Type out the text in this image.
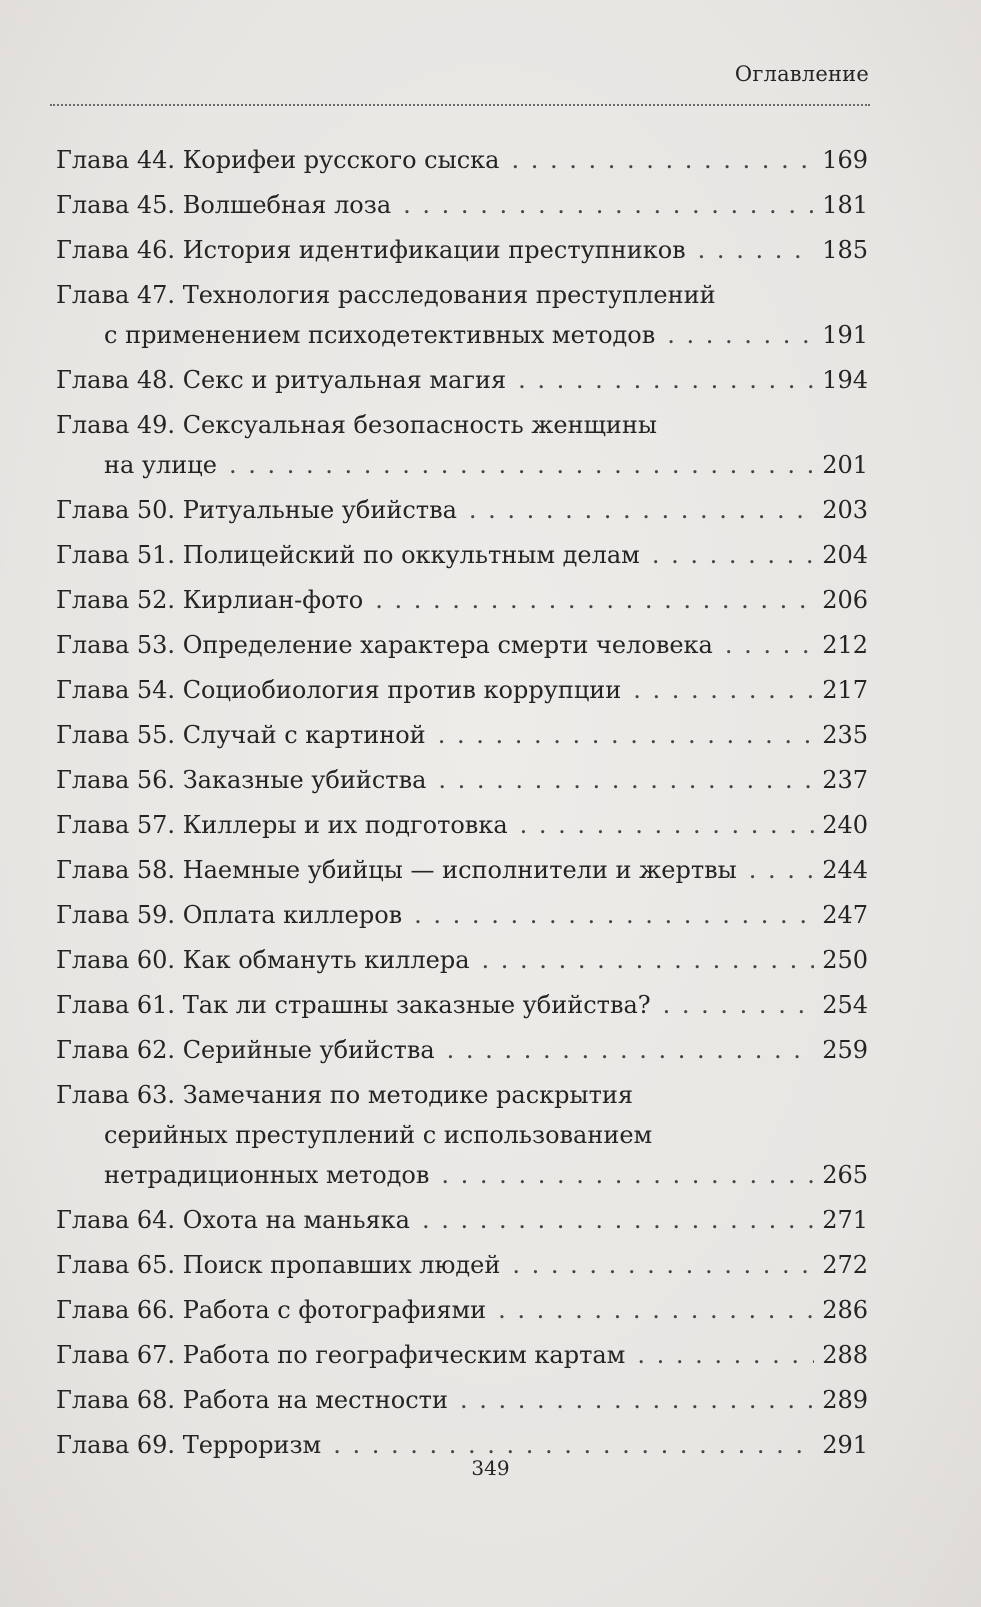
Оглавление
Глава 44. Корифеи русского сыска . . .	169
Глава 45. Волшебная лоза . . .	181
Глава 46. История идентификации преступников . . .	185
Глава 47. Технология расследования преступлений
с применением психодетективных методов . . .	191
Глава 48. Секс и ритуальная магия . . .	194
Глава 49. Сексуальная безопасность женщины
на улице . . .	201
Глава 50. Ритуальные убийства . . .	203
Глава 51. Полицейский по оккультным делам . . .	204
Глава 52. Кирлиан-фото . . .	206
Глава 53. Определение характера смерти человека . . .	212
Глава 54. Социобиология против коррупции . . .	217
Глава 55. Случай с картиной . . .	235
Глава 56. Заказные убийства . . .	237
Глава 57. Киллеры и их подготовка . . .	240
Глава 58. Наемные убийцы — исполнители и жертвы . . .	244
Глава 59. Оплата киллеров . . .	247
Глава 60. Как обмануть киллера . . .	250
Глава 61. Так ли страшны заказные убийства? . . .	254
Глава 62. Серийные убийства . . .	259
Глава 63. Замечания по методике раскрытия
серийных преступлений с использованием
нетрадиционных методов . . .	265
Глава 64. Охота на маньяка . . .	271
Глава 65. Поиск пропавших людей . . .	272
Глава 66. Работа с фотографиями . . .	286
Глава 67. Работа по географическим картам . . .	288
Глава 68. Работа на местности . . .	289
Глава 69. Терроризм . . .	291
349
